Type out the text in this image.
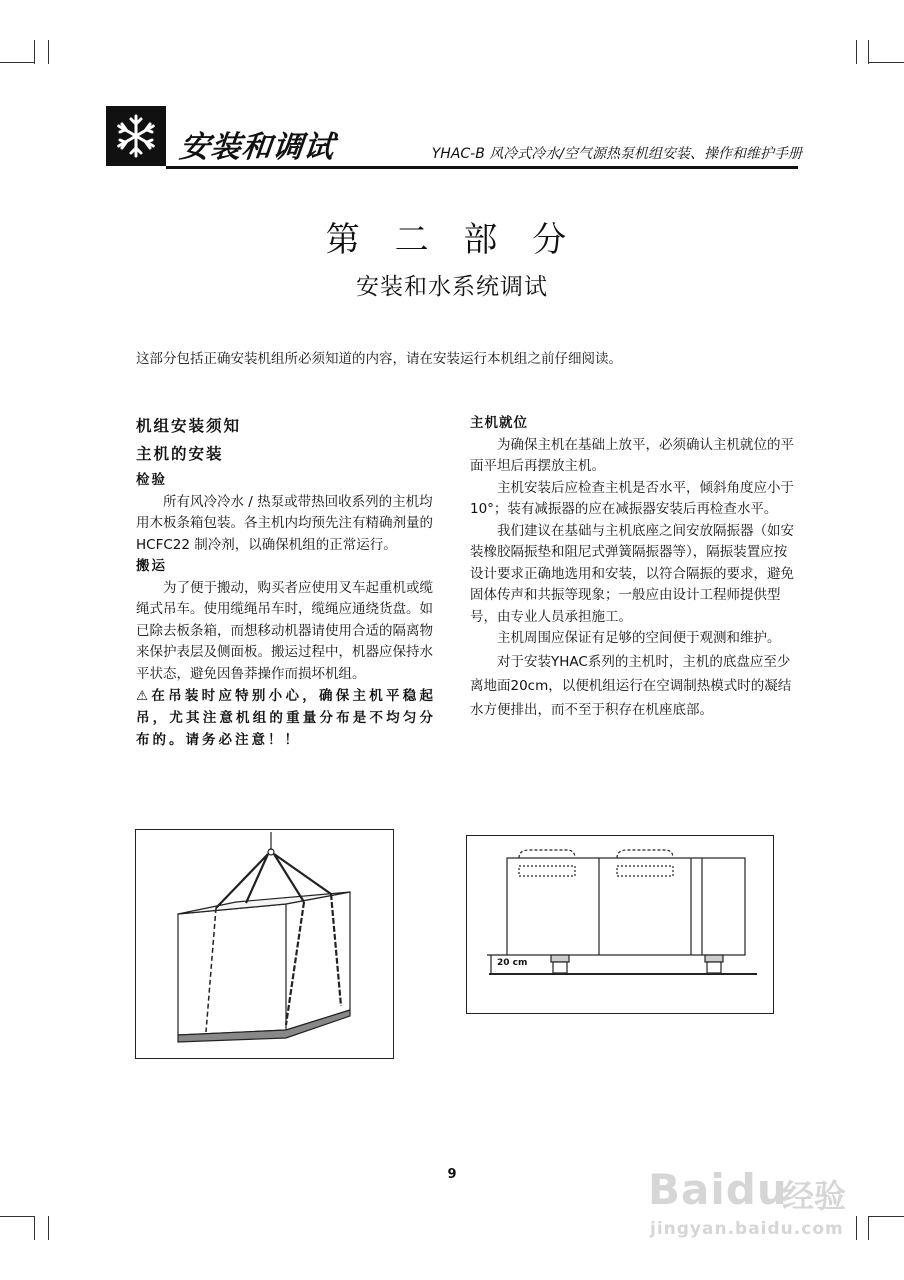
安装和调试	YHAC-B 风冷式冷水/空气源热泵机组安装、操作和维护手册
第 二 部 分
安装和水系统调试
这部分包括正确安装机组所必须知道的内容，请在安装运行本机组之前仔细阅读。

机组安装须知

主机的安装

检验

所有风冷冷水 / 热泵或带热回收系列的主机均用木板条箱包装。各主机内均预先注有精确剂量的HCFC22 制冷剂，以确保机组的正常运行。

搬运

为了便于搬动，购买者应使用叉车起重机或缆绳式吊车。使用缆绳吊车时，缆绳应通绕货盘。如已除去板条箱，而想移动机器请使用合适的隔离物来保护表层及侧面板。搬运过程中，机器应保持水平状态，避免因鲁莽操作而损坏机组。

⚠在吊装时应特别小心，确保主机平稳起吊，尤其注意机组的重量分布是不均匀分布的。请务必注意！！

主机就位

为确保主机在基础上放平，必须确认主机就位的平面平坦后再摆放主机。

主机安装后应检查主机是否水平，倾斜角度应小于10°；装有减振器的应在减振器安装后再检查水平。

我们建议在基础与主机底座之间安放隔振器（如安装橡胶隔振垫和阻尼式弹簧隔振器等），隔振装置应按设计要求正确地选用和安装，以符合隔振的要求，避免固体传声和共振等现象；一般应由设计工程师提供型号，由专业人员承担施工。

主机周围应保证有足够的空间便于观测和维护。

对于安装YHAC系列的主机时，主机的底盘应至少离地面20cm，以便机组运行在空调制热模式时的凝结水方便排出，而不至于积存在机座底部。

20 cm
9	Baidu
经验
jingyan.baidu.com
